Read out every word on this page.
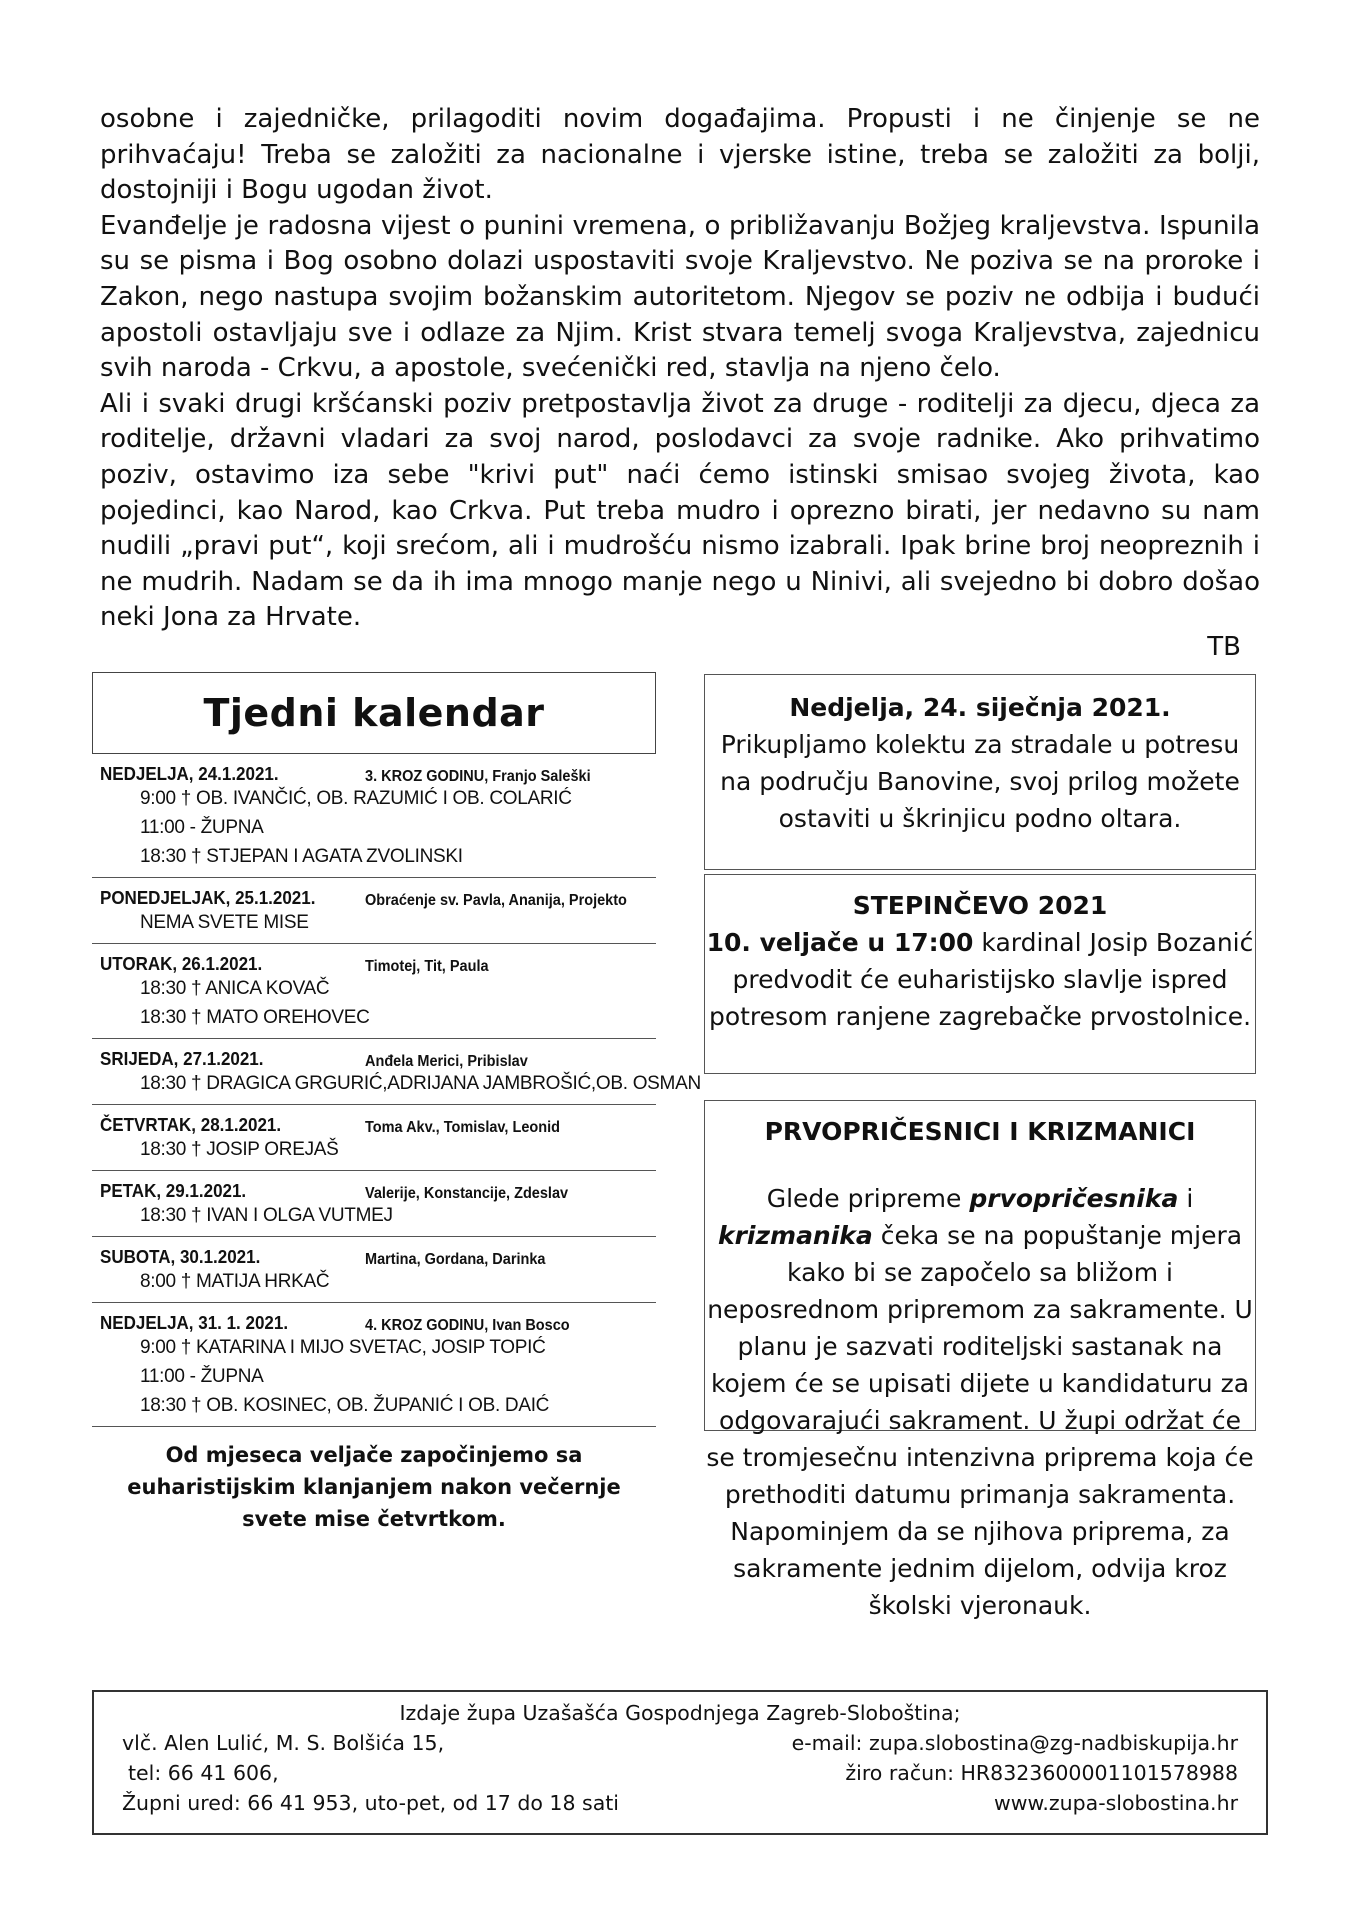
osobne i zajedničke, prilagoditi novim događajima. Propusti i ne činjenje se ne prihvaćaju! Treba se založiti za nacionalne i vjerske istine, treba se založiti za bolji, dostojniji i Bogu ugodan život.

Evanđelje je radosna vijest o punini vremena, o približavanju Božjeg kraljevstva. Ispunila su se pisma i Bog osobno dolazi uspostaviti svoje Kraljevstvo. Ne poziva se na proroke i Zakon, nego nastupa svojim božanskim autoritetom. Njegov se poziv ne odbija i budući apostoli ostavljaju sve i odlaze za Njim. Krist stvara temelj svoga Kraljevstva, zajednicu svih naroda - Crkvu, a apostole, svećenički red, stavlja na njeno čelo.

Ali i svaki drugi kršćanski poziv pretpostavlja život za druge - roditelji za djecu, djeca za roditelje, državni vladari za svoj narod, poslodavci za svoje radnike. Ako prihvatimo poziv, ostavimo iza sebe "krivi put" naći ćemo istinski smisao svojeg života, kao pojedinci, kao Narod, kao Crkva. Put treba mudro i oprezno birati, jer nedavno su nam nudili „pravi put“, koji srećom, ali i mudrošću nismo izabrali. Ipak brine broj neopreznih i ne mudrih. Nadam se da ih ima mnogo manje nego u Ninivi, ali svejedno bi dobro došao neki Jona za Hrvate.

TB
Tjedni kalendar
NEDJELJA, 24.1.2021.	3. KROZ GODINU, Franjo Saleški
9:00 † OB. IVANČIĆ, OB. RAZUMIĆ I OB. COLARIĆ
11:00 - ŽUPNA
18:30 † STJEPAN I AGATA ZVOLINSKI
PONEDJELJAK, 25.1.2021.	Obraćenje sv. Pavla, Ananija, Projekto
NEMA SVETE MISE
UTORAK, 26.1.2021.	Timotej, Tit, Paula
18:30 † ANICA KOVAČ
18:30 † MATO OREHOVEC
SRIJEDA, 27.1.2021.	Anđela Merici, Pribislav
18:30 † DRAGICA GRGURIĆ,ADRIJANA JAMBROŠIĆ,OB. OSMAN
ČETVRTAK, 28.1.2021.	Toma Akv., Tomislav, Leonid
18:30 † JOSIP OREJAŠ
PETAK, 29.1.2021.	Valerije, Konstancije, Zdeslav
18:30 † IVAN I OLGA VUTMEJ
SUBOTA, 30.1.2021.	Martina, Gordana, Darinka
8:00 † MATIJA HRKAČ
NEDJELJA, 31. 1. 2021.	4. KROZ GODINU, Ivan Bosco
9:00 † KATARINA I MIJO SVETAC, JOSIP TOPIĆ
11:00 - ŽUPNA
18:30 † OB. KOSINEC, OB. ŽUPANIĆ I OB. DAIĆ
Od mjeseca veljače započinjemo sa euharistijskim klanjanjem nakon večernje svete mise četvrtkom.
Nedjelja, 24. siječnja 2021.

Prikupljamo kolektu za stradale u potresu na području Banovine, svoj prilog možete ostaviti u škrinjicu podno oltara.

STEPINČEVO 2021

10. veljače u 17:00 kardinal Josip Bozanić predvodit će euharistijsko slavlje ispred potresom ranjene zagrebačke prvostolnice.

PRVOPRIČESNICI I KRIZMANICI

Glede pripreme prvopričesnika i krizmanika čeka se na popuštanje mjera kako bi se započelo sa bližom i neposrednom pripremom za sakramente. U planu je sazvati roditeljski sastanak na kojem će se upisati dijete u kandidaturu za odgovarajući sakrament. U župi održat će se tromjesečnu intenzivna priprema koja će prethoditi datumu primanja sakramenta.

Napominjem da se njihova priprema, za sakramente jednim dijelom, odvija kroz školski vjeronauk.

Izdaje župa Uzašašća Gospodnjega Zagreb-Sloboština;
vlč. Alen Lulić, M. S. Bolšića 15,	e-mail: zupa.slobostina@zg-nadbiskupija.hr
tel: 66 41 606,	žiro račun: HR8323600001101578988
Župni ured: 66 41 953, uto-pet, od 17 do 18 sati	www.zupa-slobostina.hr
